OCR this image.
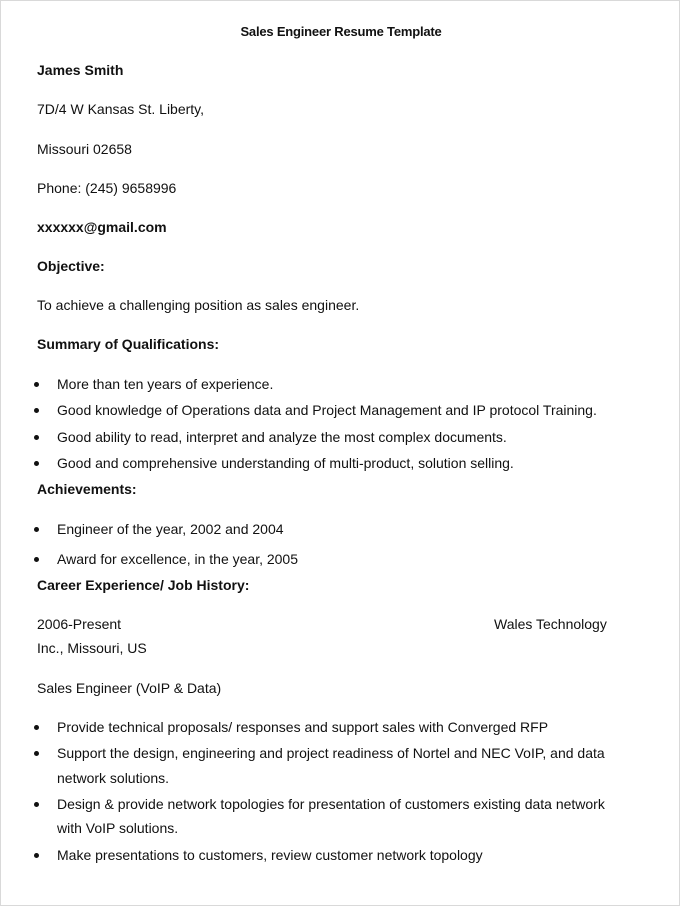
Sales Engineer Resume Template
James Smith
7D/4 W Kansas St. Liberty,
Missouri 02658
Phone: (245) 9658996
xxxxxx@gmail.com
Objective:
To achieve a challenging position as sales engineer.
Summary of Qualifications:
More than ten years of experience.
Good knowledge of Operations data and Project Management and IP protocol Training.
Good ability to read, interpret and analyze the most complex documents.
Good and comprehensive understanding of multi-product, solution selling.
Achievements:
Engineer of the year, 2002 and 2004
Award for excellence, in the year, 2005
Career Experience/ Job History:
2006-Present	Wales Technology
Inc., Missouri, US
Sales Engineer (VoIP & Data)
Provide technical proposals/ responses and support sales with Converged RFP
Support the design, engineering and project readiness of Nortel and NEC VoIP, and data
network solutions.
Design & provide network topologies for presentation of customers existing data network
with VoIP solutions.
Make presentations to customers, review customer network topology
